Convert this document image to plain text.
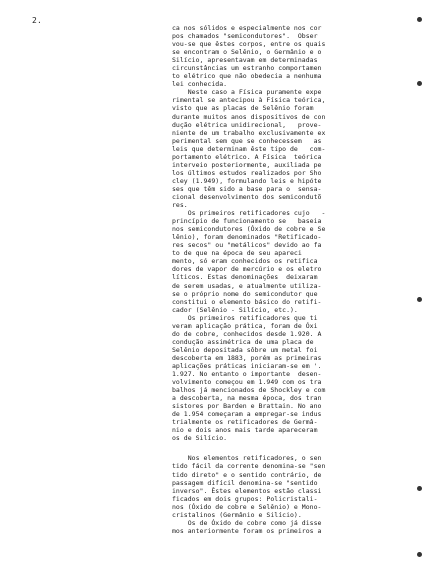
2.
ca nos sólidos e especialmente nos cor
pos chamados "semicondutores".  Obser
vou-se que êstes corpos, entre os quais
se encontram o Selênio, o Germânio e o
Silício, apresentavam em determinadas
circunstâncias um estranho comportamen
to elétrico que não obedecia a nenhuma
lei conhecida.
Neste caso a Física puramente expe
rimental se antecipou à Física teórica,
visto que as placas de Selênio foram
durante muitos anos dispositivos de con
dução elétrica unidirecional,   prove-
niente de um trabalho exclusivamente ex
perimental sem que se conhecessem   as
leis que determinam êste tipo de   com-
portamento elétrico. A Física  teórica
interveio posteriormente, auxiliada pe
los últimos estudos realizados por Sho
cley (1.949), formulando leis e hipóte
ses que têm sido a base para o  sensa-
cional desenvolvimento dos semicondutõ
res.
Os primeiros retificadores cujo   -
princípio de funcionamento se   baseia
nos semicondutores (Óxido de cobre e Se
lênio), foram denominados "Retificado-
res secos" ou "metálicos" devido ao fa
to de que na época de seu apareci
mento, só eram conhecidos os retifica
dores de vapor de mercúrio e os eletro
líticos. Estas denominações  deixaram
de serem usadas, e atualmente utiliza-
se o próprio nome do semicondutor que
constitui o elemento básico do retifi-
cador (Selênio - Silício, etc.).
Os primeiros retificadores que ti
veram aplicação prática, foram de Óxi
do de cobre, conhecidos desde 1.920. A
condução assimétrica de uma placa de
Selênio depositada sôbre um metal foi
descoberta em 1883, porém as primeiras
aplicações práticas iniciaram-se em '.
1.927. No entanto o importante  desen-
volvimento começou em 1.949 com os tra
balhos já mencionados de Shockley e com
a descoberta, na mesma época, dos tran
sistores por Barden e Brattain. No ano
de 1.954 começaram a empregar-se indus
trialmente os retificadores de Germâ-
nio e dois anos mais tarde apareceram
os de Silício.
Nos elementos retificadores, o sen
tido fácil da corrente denomina-se "sen
tido direto" e o sentido contrário, de
passagem difícil denomina-se "sentido
inverso". Êstes elementos estão classi
ficados em dois grupos: Policristali-
nos (Óxido de cobre e Selênio) e Mono-
cristalinos (Germânio e Silício).
Os de Óxido de cobre como já disse
mos anteriormente foram os primeiros a
